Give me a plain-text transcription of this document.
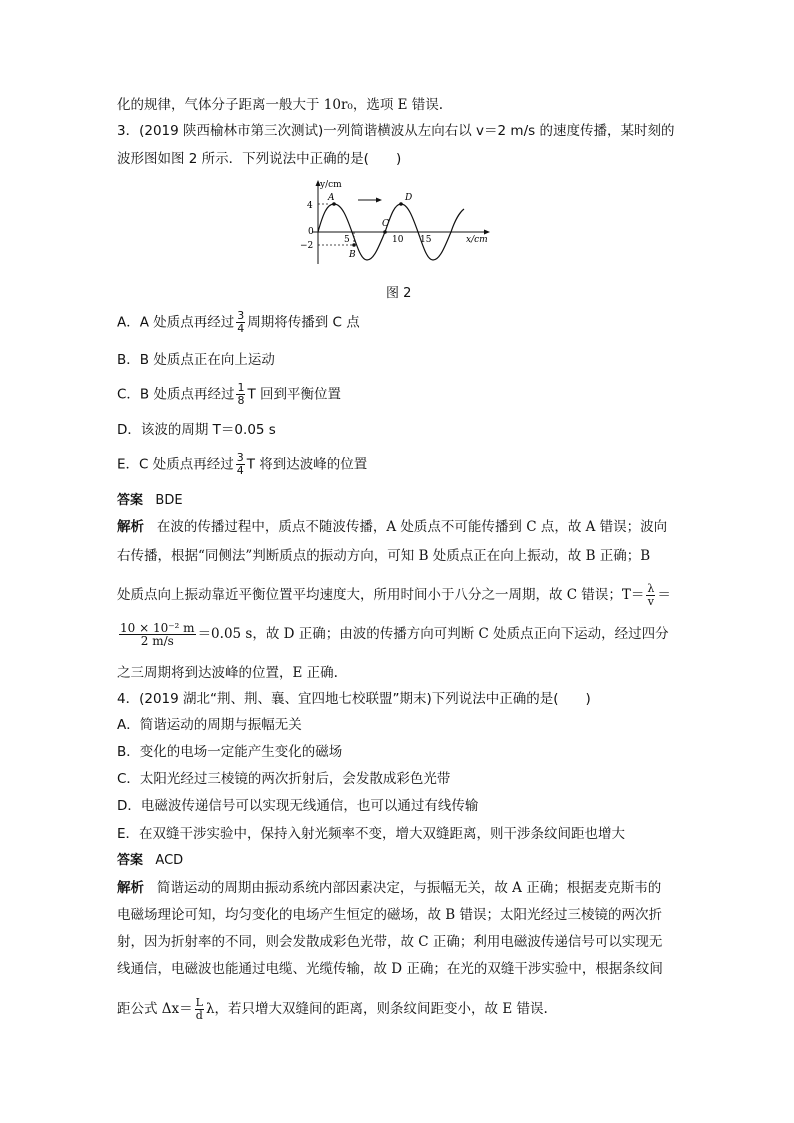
化的规律，气体分子距离一般大于 10r₀，选项 E 错误.
3．(2019 陕西榆林市第三次测试)一列简谐横波从左向右以 v＝2 m/s 的速度传播，某时刻的
波形图如图 2 所示．下列说法中正确的是(　　)
y/cm
x/cm
4
0
−2
5	10 15
A
B
C
D
图 2
A．A 处质点再经过 $\frac{3}{4}$ 周期将传播到 C 点
B．B 处质点正在向上运动
C．B 处质点再经过 $\frac{1}{8}$ T 回到平衡位置
D．该波的周期 T＝0.05 s
E．C 处质点再经过 $\frac{3}{4}$ T 将到达波峰的位置
答案 BDE
解析 在波的传播过程中，质点不随波传播，A 处质点不可能传播到 C 点，故 A 错误；波向
右传播，根据“同侧法”判断质点的振动方向，可知 B 处质点正在向上振动，故 B 正确；B
处质点向上振动靠近平衡位置平均速度大，所用时间小于八分之一周期，故 C 错误；$T= \frac{\lambda}{v}$ ＝
$\frac{\text{10 × 10⁻² m}}{2 m/s} =0.05$ s，故 D 正确；由波的传播方向可判断 C 处质点正向下运动，经过四分
之三周期将到达波峰的位置，E 正确.
4．(2019 湖北“荆、荆、襄、宜四地七校联盟”期末)下列说法中正确的是(　　)
A．简谐运动的周期与振幅无关
B．变化的电场一定能产生变化的磁场
C．太阳光经过三棱镜的两次折射后，会发散成彩色光带
D．电磁波传递信号可以实现无线通信，也可以通过有线传输
E．在双缝干涉实验中，保持入射光频率不变，增大双缝距离，则干涉条纹间距也增大
答案 ACD
解析 简谐运动的周期由振动系统内部因素决定，与振幅无关，故 A 正确；根据麦克斯韦的
电磁场理论可知，均匀变化的电场产生恒定的磁场，故 B 错误；太阳光经过三棱镜的两次折
射，因为折射率的不同，则会发散成彩色光带，故 C 正确；利用电磁波传递信号可以实现无
线通信，电磁波也能通过电缆、光缆传输，故 D 正确；在光的双缝干涉实验中，根据条纹间
距公式 $\Delta x= \frac{L}{d}$ λ，若只增大双缝间的距离，则条纹间距变小，故 E 错误.
